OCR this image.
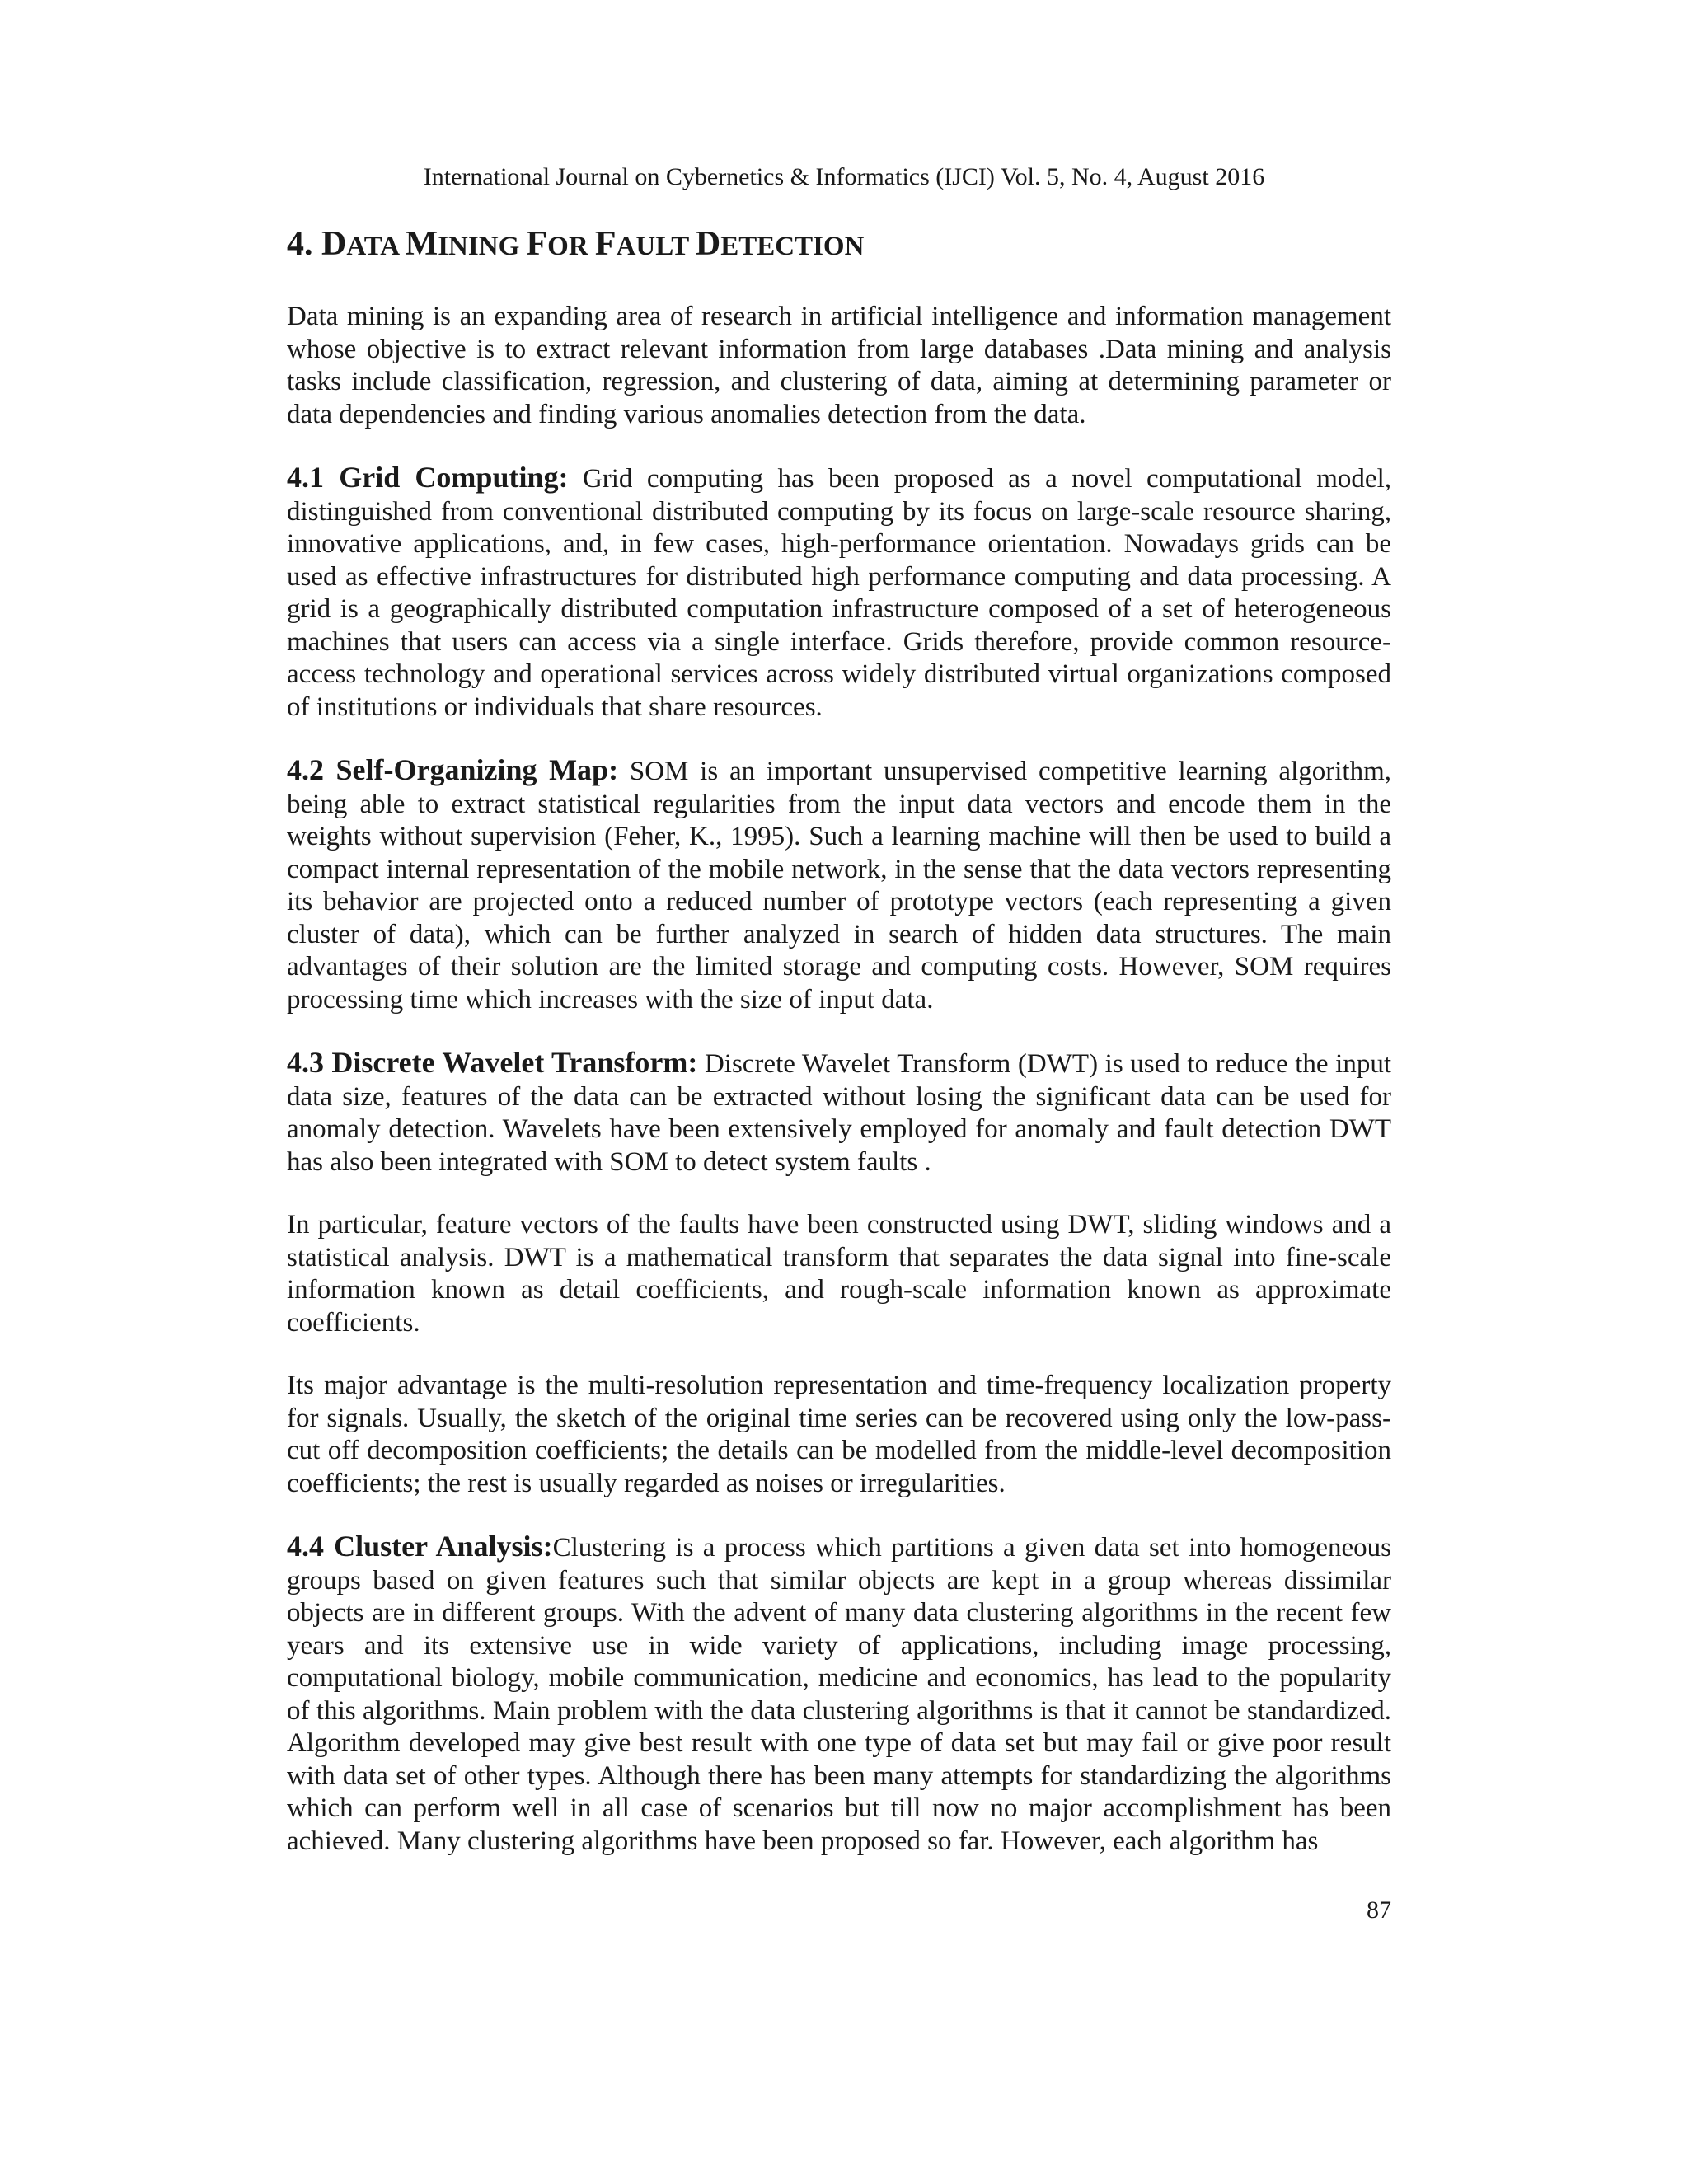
International Journal on Cybernetics & Informatics (IJCI) Vol. 5, No. 4, August 2016
4. DATA MINING FOR FAULT DETECTION

Data mining is an expanding area of research in artificial intelligence and information management whose objective is to extract relevant information from large databases .Data mining and analysis tasks include classification, regression, and clustering of data, aiming at determining parameter or data dependencies and finding various anomalies detection from the data.

4.1 Grid Computing: Grid computing has been proposed as a novel computational model, distinguished from conventional distributed computing by its focus on large-scale resource sharing, innovative applications, and, in few cases, high-performance orientation. Nowadays grids can be used as effective infrastructures for distributed high performance computing and data processing. A grid is a geographically distributed computation infrastructure composed of a set of heterogeneous machines that users can access via a single interface. Grids therefore, provide common resource-access technology and operational services across widely distributed virtual organizations composed of institutions or individuals that share resources.

4.2 Self-Organizing Map: SOM is an important unsupervised competitive learning algorithm, being able to extract statistical regularities from the input data vectors and encode them in the weights without supervision (Feher, K., 1995). Such a learning machine will then be used to build a compact internal representation of the mobile network, in the sense that the data vectors representing its behavior are projected onto a reduced number of prototype vectors (each representing a given cluster of data), which can be further analyzed in search of hidden data structures. The main advantages of their solution are the limited storage and computing costs. However, SOM requires processing time which increases with the size of input data.

4.3 Discrete Wavelet Transform: Discrete Wavelet Transform (DWT) is used to reduce the input data size, features of the data can be extracted without losing the significant data can be used for anomaly detection. Wavelets have been extensively employed for anomaly and fault detection DWT has also been integrated with SOM to detect system faults .

In particular, feature vectors of the faults have been constructed using DWT, sliding windows and a statistical analysis. DWT is a mathematical transform that separates the data signal into fine-scale information known as detail coefficients, and rough-scale information known as approximate coefficients.

Its major advantage is the multi-resolution representation and time-frequency localization property for signals. Usually, the sketch of the original time series can be recovered using only the low-pass-cut off decomposition coefficients; the details can be modelled from the middle-level decomposition coefficients; the rest is usually regarded as noises or irregularities.

4.4 Cluster Analysis:Clustering is a process which partitions a given data set into homogeneous groups based on given features such that similar objects are kept in a group whereas dissimilar objects are in different groups. With the advent of many data clustering algorithms in the recent few years and its extensive use in wide variety of applications, including image processing, computational biology, mobile communication, medicine and economics, has lead to the popularity of this algorithms. Main problem with the data clustering algorithms is that it cannot be standardized. Algorithm developed may give best result with one type of data set but may fail or give poor result with data set of other types. Although there has been many attempts for standardizing the algorithms which can perform well in all case of scenarios but till now no major accomplishment has been achieved. Many clustering algorithms have been proposed so far. However, each algorithm has

87
